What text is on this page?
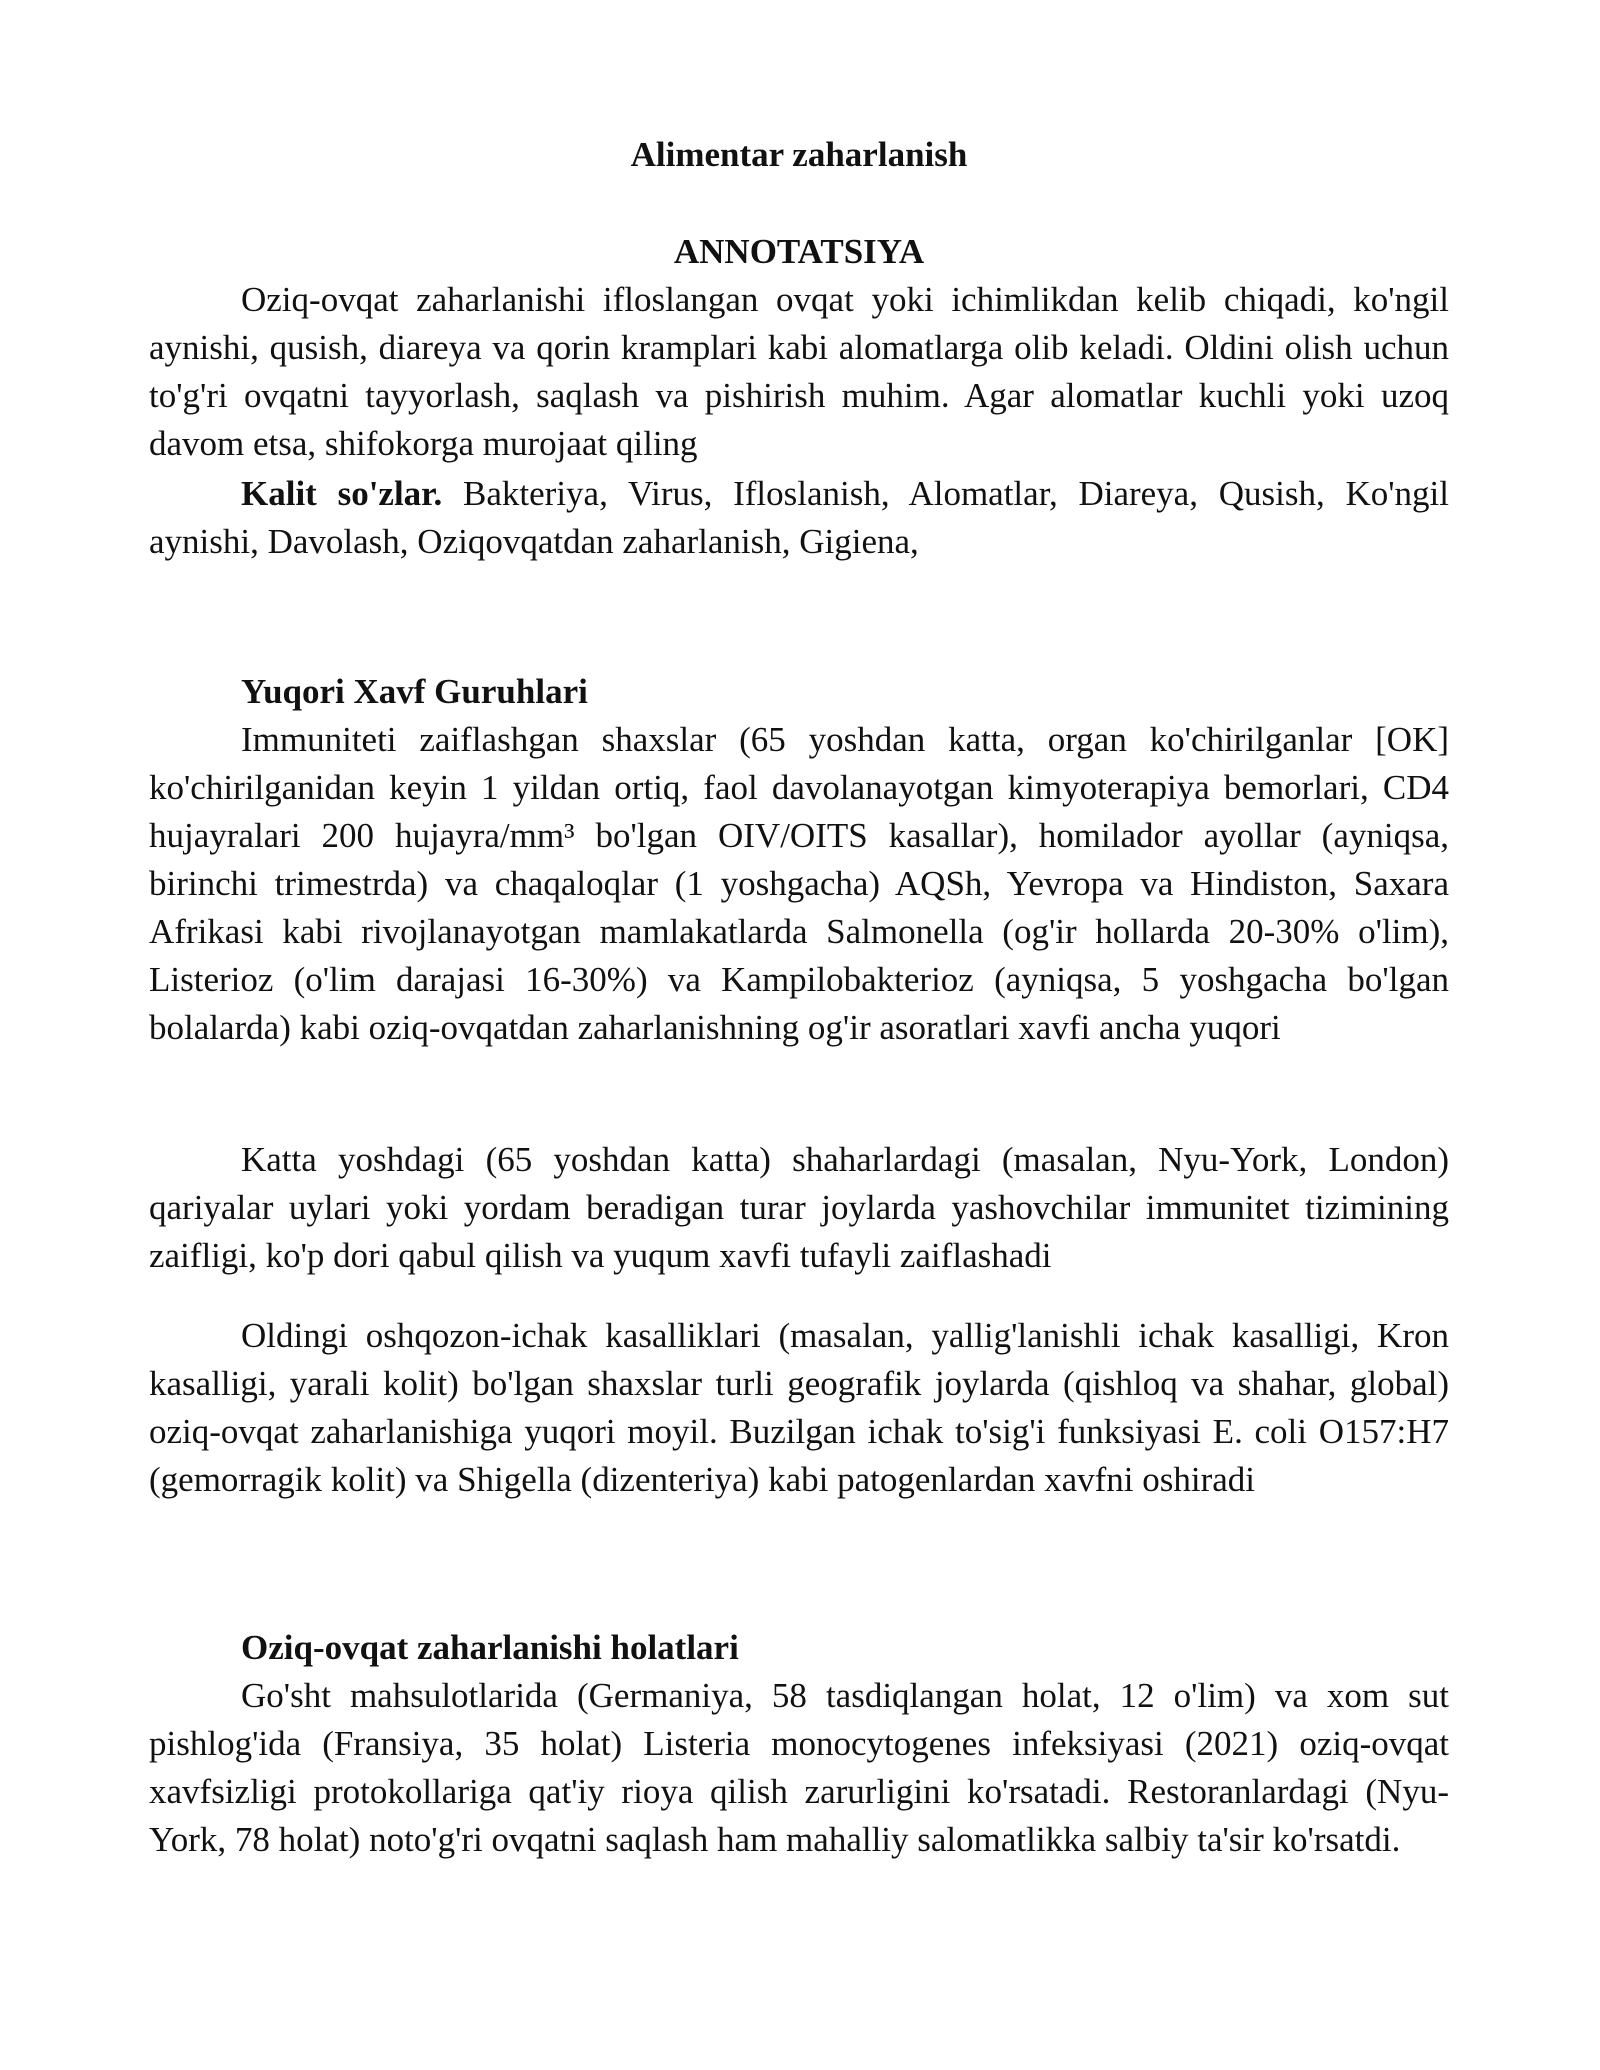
Alimentar zaharlanish
ANNOTATSIYA

Oziq-ovqat zaharlanishi ifloslangan ovqat yoki ichimlikdan kelib chiqadi, ko'ngil aynishi, qusish, diareya va qorin kramplari kabi alomatlarga olib keladi. Oldini olish uchun to'g'ri ovqatni tayyorlash, saqlash va pishirish muhim. Agar alomatlar kuchli yoki uzoq davom etsa, shifokorga murojaat qiling

Kalit so'zlar. Bakteriya, Virus, Ifloslanish, Alomatlar, Diareya, Qusish, Ko'ngil aynishi, Davolash, Oziqovqatdan zaharlanish, Gigiena,

Yuqori Xavf Guruhlari

Immuniteti zaiflashgan shaxslar (65 yoshdan katta, organ ko'chirilganlar [OK] ko'chirilganidan keyin 1 yildan ortiq, faol davolanayotgan kimyoterapiya bemorlari, CD4 hujayralari 200 hujayra/mm³ bo'lgan OIV/OITS kasallar), homilador ayollar (ayniqsa, birinchi trimestrda) va chaqaloqlar (1 yoshgacha) AQSh, Yevropa va Hindiston, Saxara Afrikasi kabi rivojlanayotgan mamlakatlarda Salmonella (og'ir hollarda 20-30% o'lim), Listerioz (o'lim darajasi 16-30%) va Kampilobakterioz (ayniqsa, 5 yoshgacha bo'lgan bolalarda) kabi oziq-ovqatdan zaharlanishning og'ir asoratlari xavfi ancha yuqori

Katta yoshdagi (65 yoshdan katta) shaharlardagi (masalan, Nyu-York, London) qariyalar uylari yoki yordam beradigan turar joylarda yashovchilar immunitet tizimining zaifligi, ko'p dori qabul qilish va yuqum xavfi tufayli zaiflashadi

Oldingi oshqozon-ichak kasalliklari (masalan, yallig'lanishli ichak kasalligi, Kron kasalligi, yarali kolit) bo'lgan shaxslar turli geografik joylarda (qishloq va shahar, global) oziq-ovqat zaharlanishiga yuqori moyil. Buzilgan ichak to'sig'i funksiyasi E. coli O157:H7 (gemorragik kolit) va Shigella (dizenteriya) kabi patogenlardan xavfni oshiradi

Oziq-ovqat zaharlanishi holatlari

Go'sht mahsulotlarida (Germaniya, 58 tasdiqlangan holat, 12 o'lim) va xom sut pishlog'ida (Fransiya, 35 holat) Listeria monocytogenes infeksiyasi (2021) oziq-ovqat xavfsizligi protokollariga qat'iy rioya qilish zarurligini ko'rsatadi. Restoranlardagi (Nyu-York, 78 holat) noto'g'ri ovqatni saqlash ham mahalliy salomatlikka salbiy ta'sir ko'rsatdi.
